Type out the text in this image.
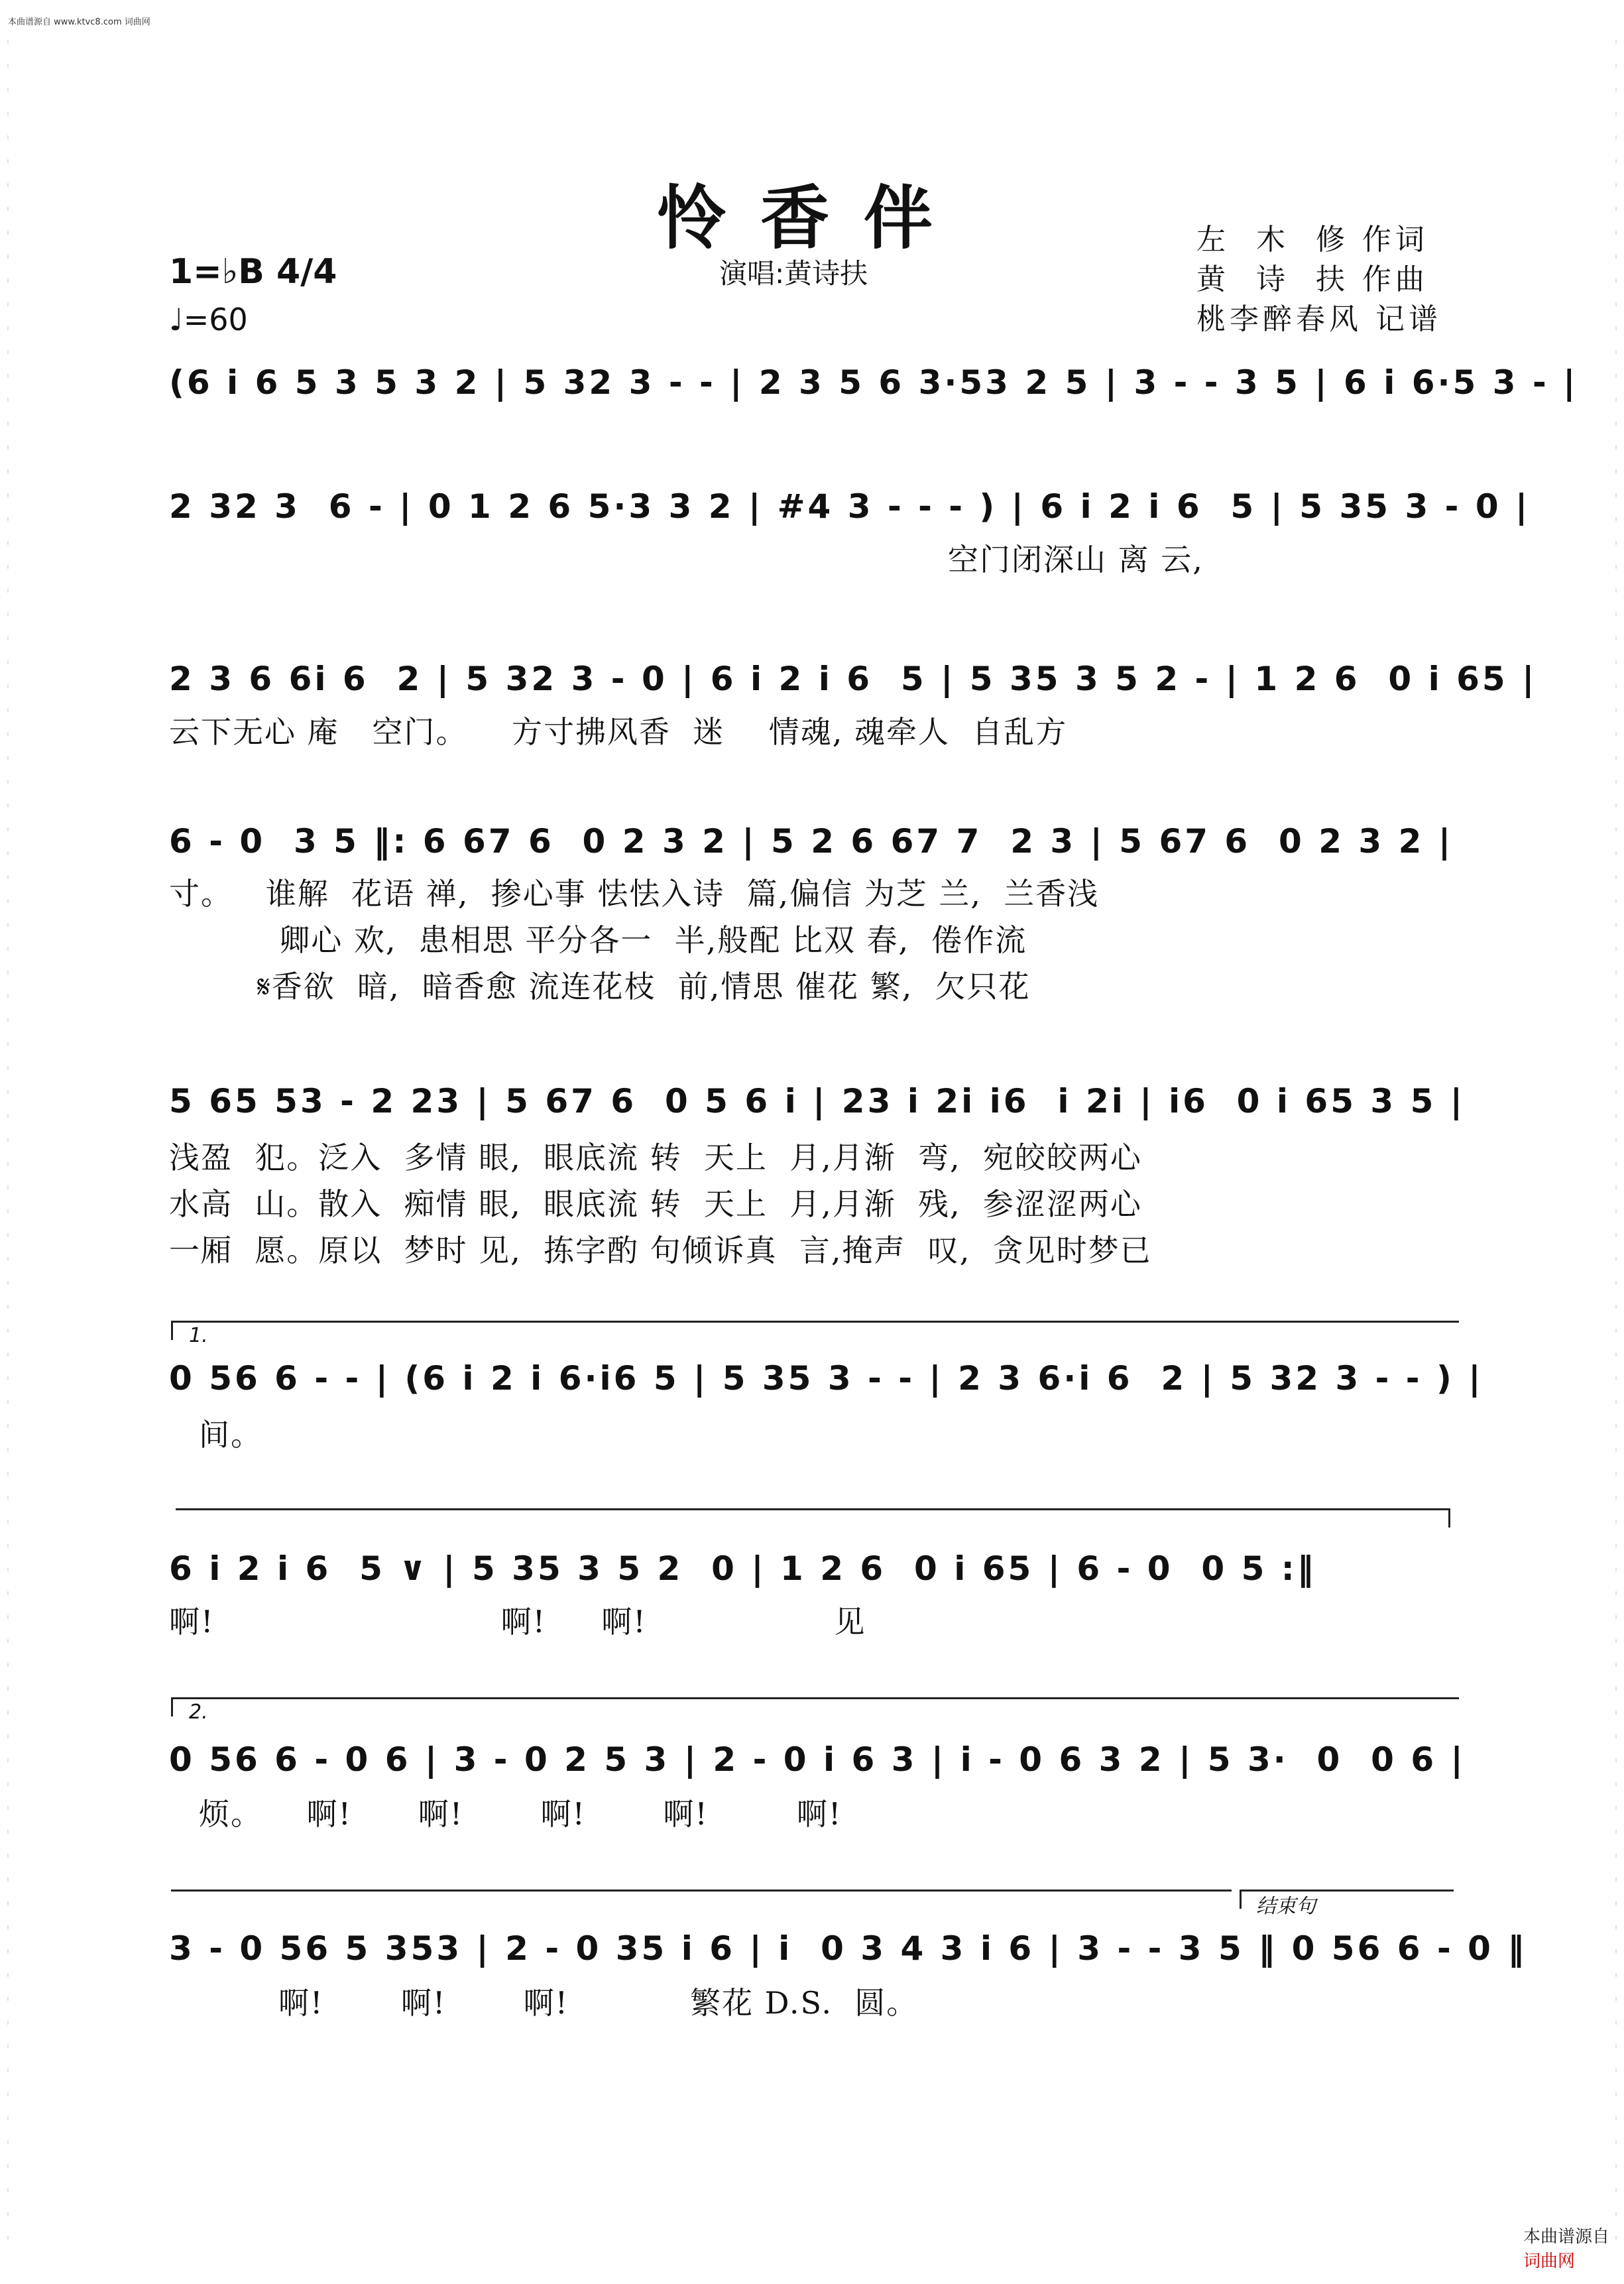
本曲谱源自 www.ktvc8.com 词曲网
怜香伴
演唱:黄诗扶
左  木  修 作词
黄  诗  扶 作曲
桃李醉春风 记谱
1=♭B 4/4
♩=60
(6 i 6 5 3 5 3 2 | 5 32 3 - - | 2 3 5 6 3·53 2 5 | 3 - - 3 5 | 6 i 6·5 3 - |
2 32 3  6 - | 0 1 2 6 5·3 3 2 | #4 3 - - - ) | 6 i 2 i 6  5 | 5 35 3 - 0 |
空门闭深山 离 云,
2 3 6 6i 6  2 | 5 32 3 - 0 | 6 i 2 i 6  5 | 5 35 3 5 2 - | 1 2 6  0 i 65 |
云下无心 庵   空门。    方寸拂风香  迷    情魂, 魂牵人  自乱方
6 - 0  3 5 ‖: 6 67 6  0 2 3 2 | 5 2 6 67 7  2 3 | 5 67 6  0 2 3 2 |
寸。   谁解  花语 禅,  掺心事 怯怯入诗  篇,偏信 为芝 兰,  兰香浅
卿心 欢,  患相思 平分各一  半,般配 比双 春,  倦作流
𝄋香欲  暗,  暗香愈 流连花枝  前,情思 催花 繁,  欠只花
5 65 53 - 2 23 | 5 67 6  0 5 6 i | 23 i 2i i6  i 2i | i6  0 i 65 3 5 |
浅盈  犯。泛入  多情 眼,  眼底流 转  天上  月,月渐  弯,  宛皎皎两心
水高  山。散入  痴情 眼,  眼底流 转  天上  月,月渐  残,  参涩涩两心
一厢  愿。原以  梦时 见,  拣字酌 句倾诉真  言,掩声  叹,  贪见时梦已
1.
0 56 6 - - | (6 i 2 i 6·i6 5 | 5 35 3 - - | 2 3 6·i 6  2 | 5 32 3 - - ) |
间。
6 i 2 i 6  5 ∨ | 5 35 3 5 2  0 | 1 2 6  0 i 65 | 6 - 0  0 5 :‖
啊!                          啊!     啊!                 见
2.
0 56 6 - 0 6 | 3 - 0 2 5 3 | 2 - 0 i 6 3 | i - 0 6 3 2 | 5 3·  0  0 6 |
烦。    啊!      啊!       啊!       啊!        啊!
结束句
3 - 0 56 5 353 | 2 - 0 35 i 6 | i  0 3 4 3 i 6 | 3 - - 3 5 ‖ 0 56 6 - 0 ‖
啊!       啊!       啊!           繁花 D.S.  圆。

本曲谱源自
词曲网
